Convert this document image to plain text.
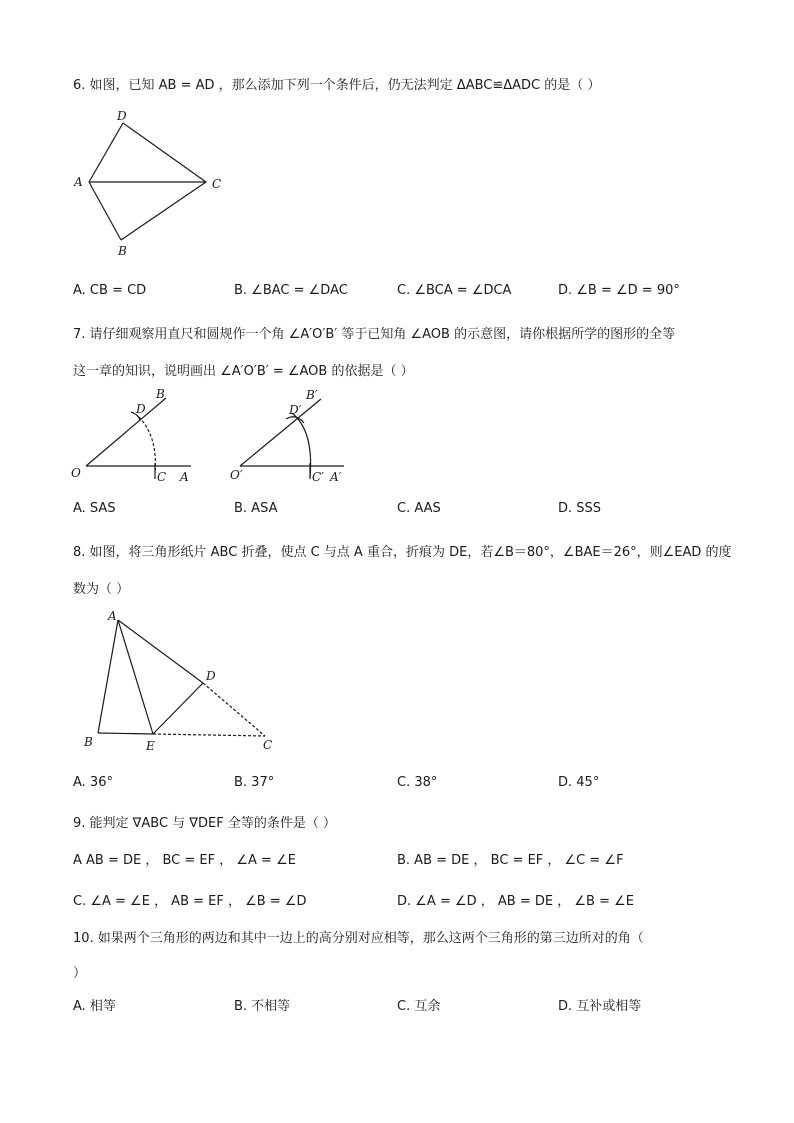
6. 如图，已知 AB = AD ，那么添加下列一个条件后，仍无法判定 ΔABC≌ΔADC 的是（ ）
D
A	C
B
A. CB = CD	B. ∠BAC = ∠DAC	C. ∠BCA = ∠DCA	D. ∠B = ∠D = 90°
7. 请仔细观察用直尺和圆规作一个角 ∠A′O′B′ 等于已知角 ∠AOB 的示意图，请你根据所学的图形的全等
这一章的知识，说明画出 ∠A′O′B′ = ∠AOB 的依据是（ ）
B
D
O	C A
B′
D′
O′	C′ A′
A. SAS	B. ASA	C. AAS	D. SSS
8. 如图，将三角形纸片 ABC 折叠，使点 C 与点 A 重合，折痕为 DE，若∠B＝80°，∠BAE＝26°，则∠EAD 的度
数为（ ）
A
D
B	E	C
A. 36°	B. 37°	C. 38°	D. 45°
9. 能判定 ∇ABC 与 ∇DEF 全等的条件是（ ）
A AB = DE ， BC = EF ， ∠A = ∠E	B. AB = DE ， BC = EF ， ∠C = ∠F
C. ∠A = ∠E ， AB = EF ， ∠B = ∠D	D. ∠A = ∠D ， AB = DE ， ∠B = ∠E
10. 如果两个三角形的两边和其中一边上的高分别对应相等，那么这两个三角形的第三边所对的角（
）
A. 相等	B. 不相等	C. 互余	D. 互补或相等
